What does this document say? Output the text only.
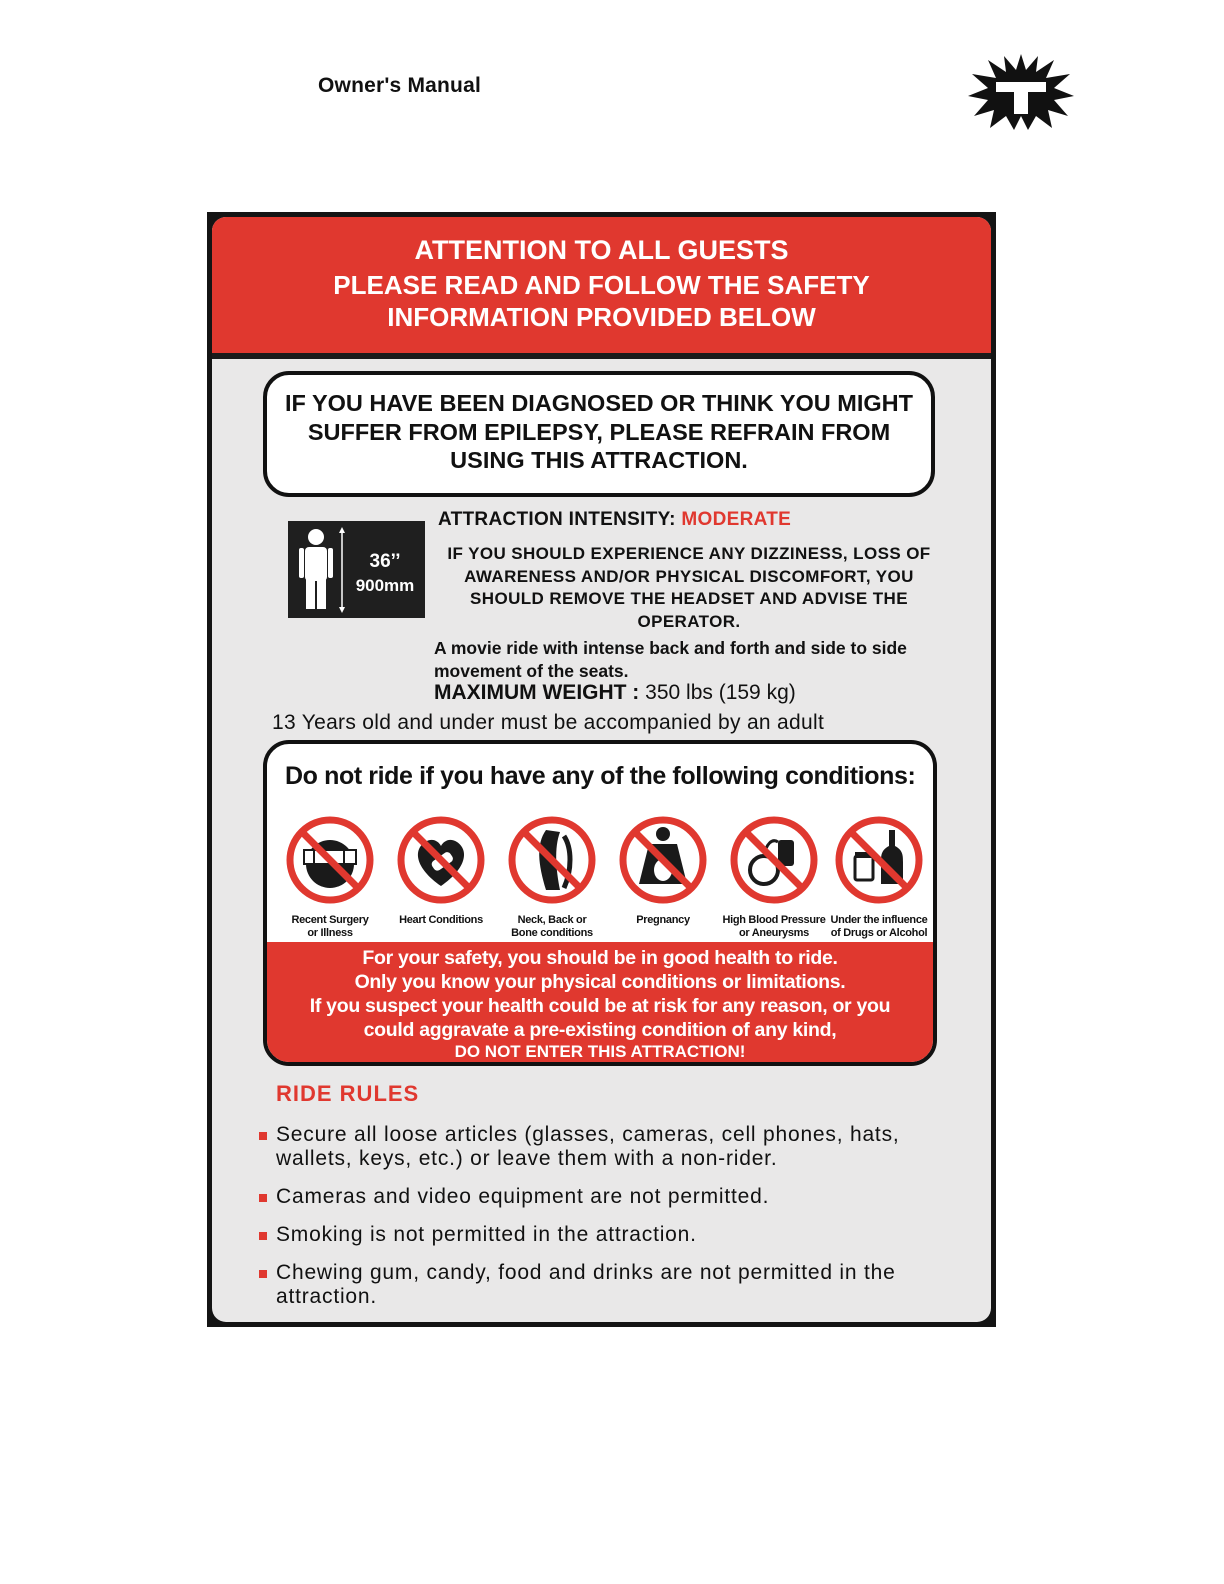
Owner's Manual
ATTENTION TO ALL GUESTS
PLEASE READ AND FOLLOW THE SAFETY
INFORMATION PROVIDED BELOW
IF YOU HAVE BEEN DIAGNOSED OR THINK YOU MIGHT SUFFER FROM EPILEPSY, PLEASE REFRAIN FROM USING THIS ATTRACTION.
36’’
900mm
ATTRACTION INTENSITY: MODERATE
IF YOU SHOULD EXPERIENCE ANY DIZZINESS, LOSS OF AWARENESS AND/OR PHYSICAL DISCOMFORT, YOU SHOULD REMOVE THE HEADSET AND ADVISE THE OPERATOR.
A movie ride with intense back and forth and side to side movement of the seats.
MAXIMUM WEIGHT : 350 lbs (159 kg)
13 Years old and under must be accompanied by an adult
Do not ride if you have any of the following conditions:
Recent Surgery
or Illness
Heart Conditions	Neck, Back or
Bone conditions
Pregnancy	High Blood Pressure
or Aneurysms
Under the influence
of Drugs or Alcohol
For your safety, you should be in good health to ride.
Only you know your physical conditions or limitations.
If you suspect your health could be at risk for any reason, or you
could aggravate a pre-existing condition of any kind,
DO NOT ENTER THIS ATTRACTION!
RIDE RULES
Secure all loose articles (glasses, cameras, cell phones, hats, wallets, keys, etc.) or leave them with a non-rider.
Cameras and video equipment are not permitted.
Smoking is not permitted in the attraction.
Chewing gum, candy, food and drinks are not permitted in the attraction.
